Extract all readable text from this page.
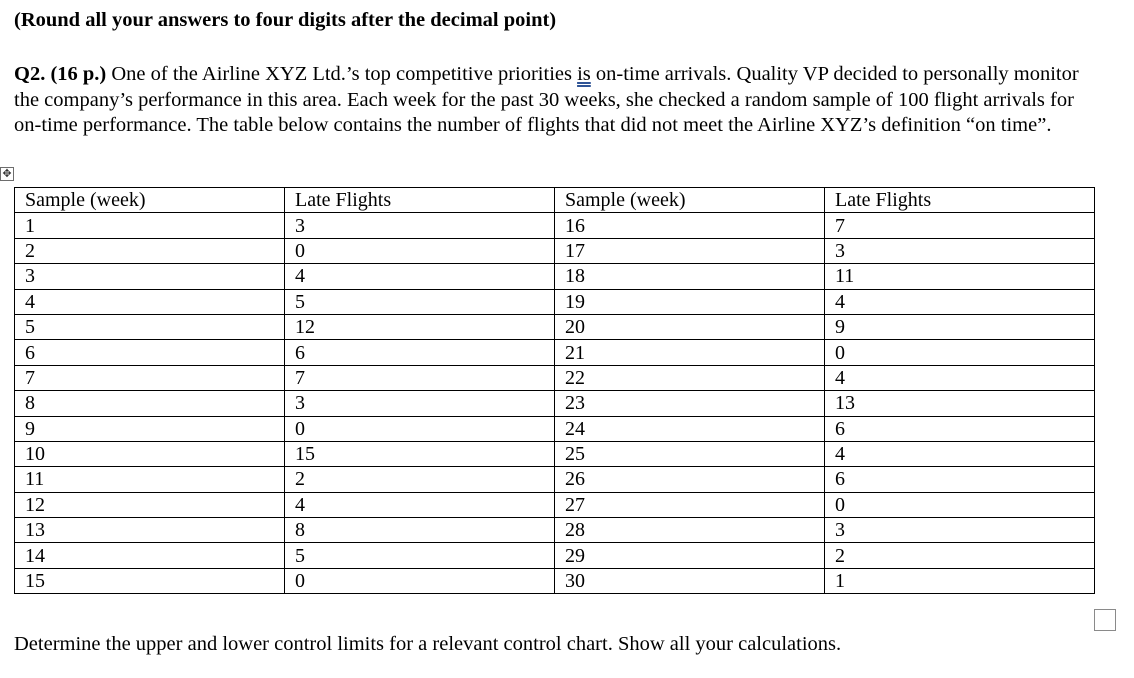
(Round all your answers to four digits after the decimal point)

Q2. (16 p.) One of the Airline XYZ Ltd.’s top competitive priorities is on-time arrivals. Quality VP decided to personally monitor the company’s performance in this area. Each week for the past 30 weeks, she checked a random sample of 100 flight arrivals for on-time performance. The table below contains the number of flights that did not meet the Airline XYZ’s definition “on time”.

✥
Sample (week)	Late Flights	Sample (week)	Late Flights
1	3	16	7
2	0	17	3
3	4	18	11
4	5	19	4
5	12	20	9
6	6	21	0
7	7	22	4
8	3	23	13
9	0	24	6
10	15	25	4
11	2	26	6
12	4	27	0
13	8	28	3
14	5	29	2
15	0	30	1

Determine the upper and lower control limits for a relevant control chart. Show all your calculations.
